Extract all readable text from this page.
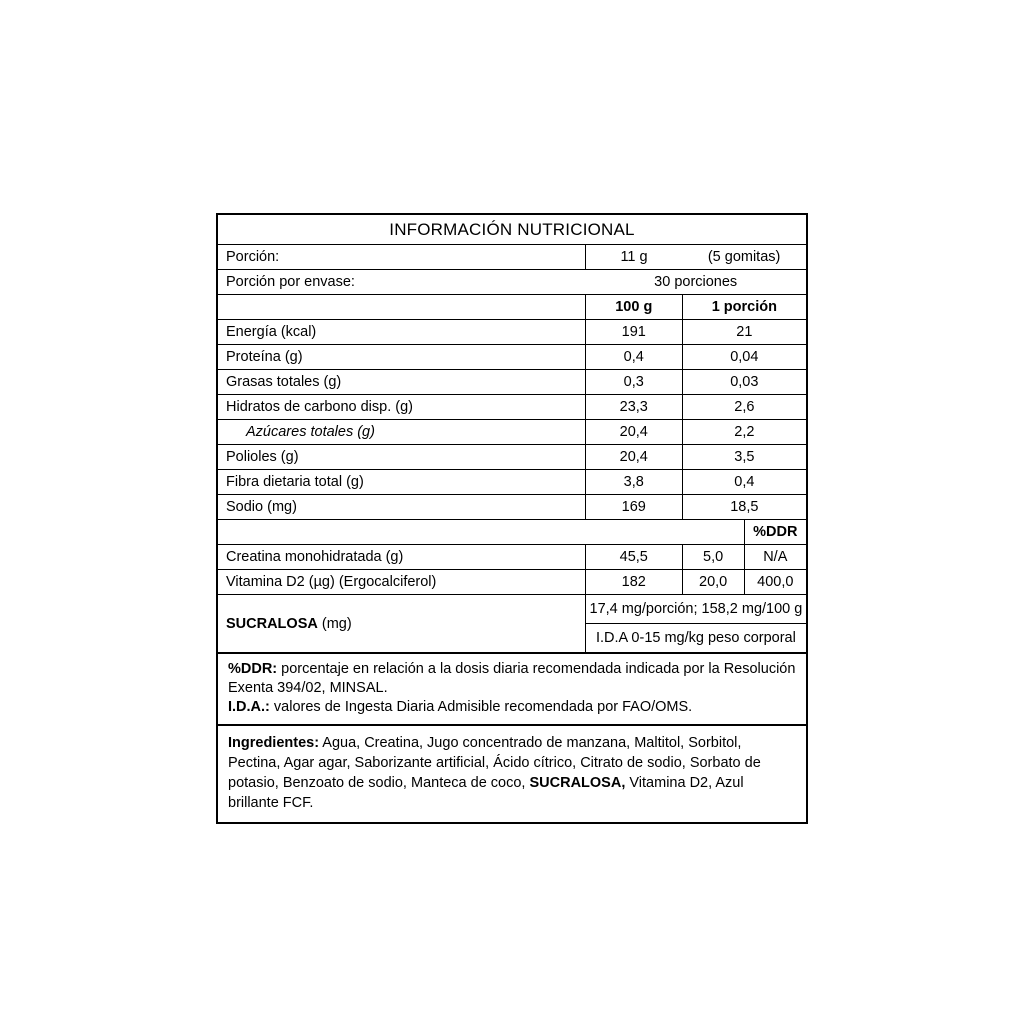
INFORMACIÓN NUTRICIONAL
Porción:	11 g	(5 gomitas)	
Porción por envase:	30 porciones		
	100 g	1 porción	
Energía (kcal)	191	21	
Proteína (g)	0,4	0,04	
Grasas totales (g)	0,3	0,03	
Hidratos de carbono disp. (g)	23,3	2,6	
Azúcares totales (g)	20,4	2,2	
Polioles (g)	20,4	3,5	
Fibra dietaria total (g)	3,8	0,4	
Sodio (mg)	169	18,5	
			%DDR
Creatina monohidratada (g)	45,5	5,0	N/A
Vitamina D2 (µg) (Ergocalciferol)	182	20,0	400,0
SUCRALOSA (mg)	17,4 mg/porción; 158,2 mg/100 g		
	I.D.A 0-15 mg/kg peso corporal		
%DDR: porcentaje en relación a la dosis diaria recomendada indicada por la Resolución Exenta 394/02, MINSAL.
I.D.A.: valores de Ingesta Diaria Admisible recomendada por FAO/OMS.
Ingredientes: Agua, Creatina, Jugo concentrado de manzana, Maltitol, Sorbitol, Pectina, Agar agar, Saborizante artificial, Ácido cítrico, Citrato de sodio, Sorbato de potasio, Benzoato de sodio, Manteca de coco, SUCRALOSA, Vitamina D2, Azul brillante FCF.
